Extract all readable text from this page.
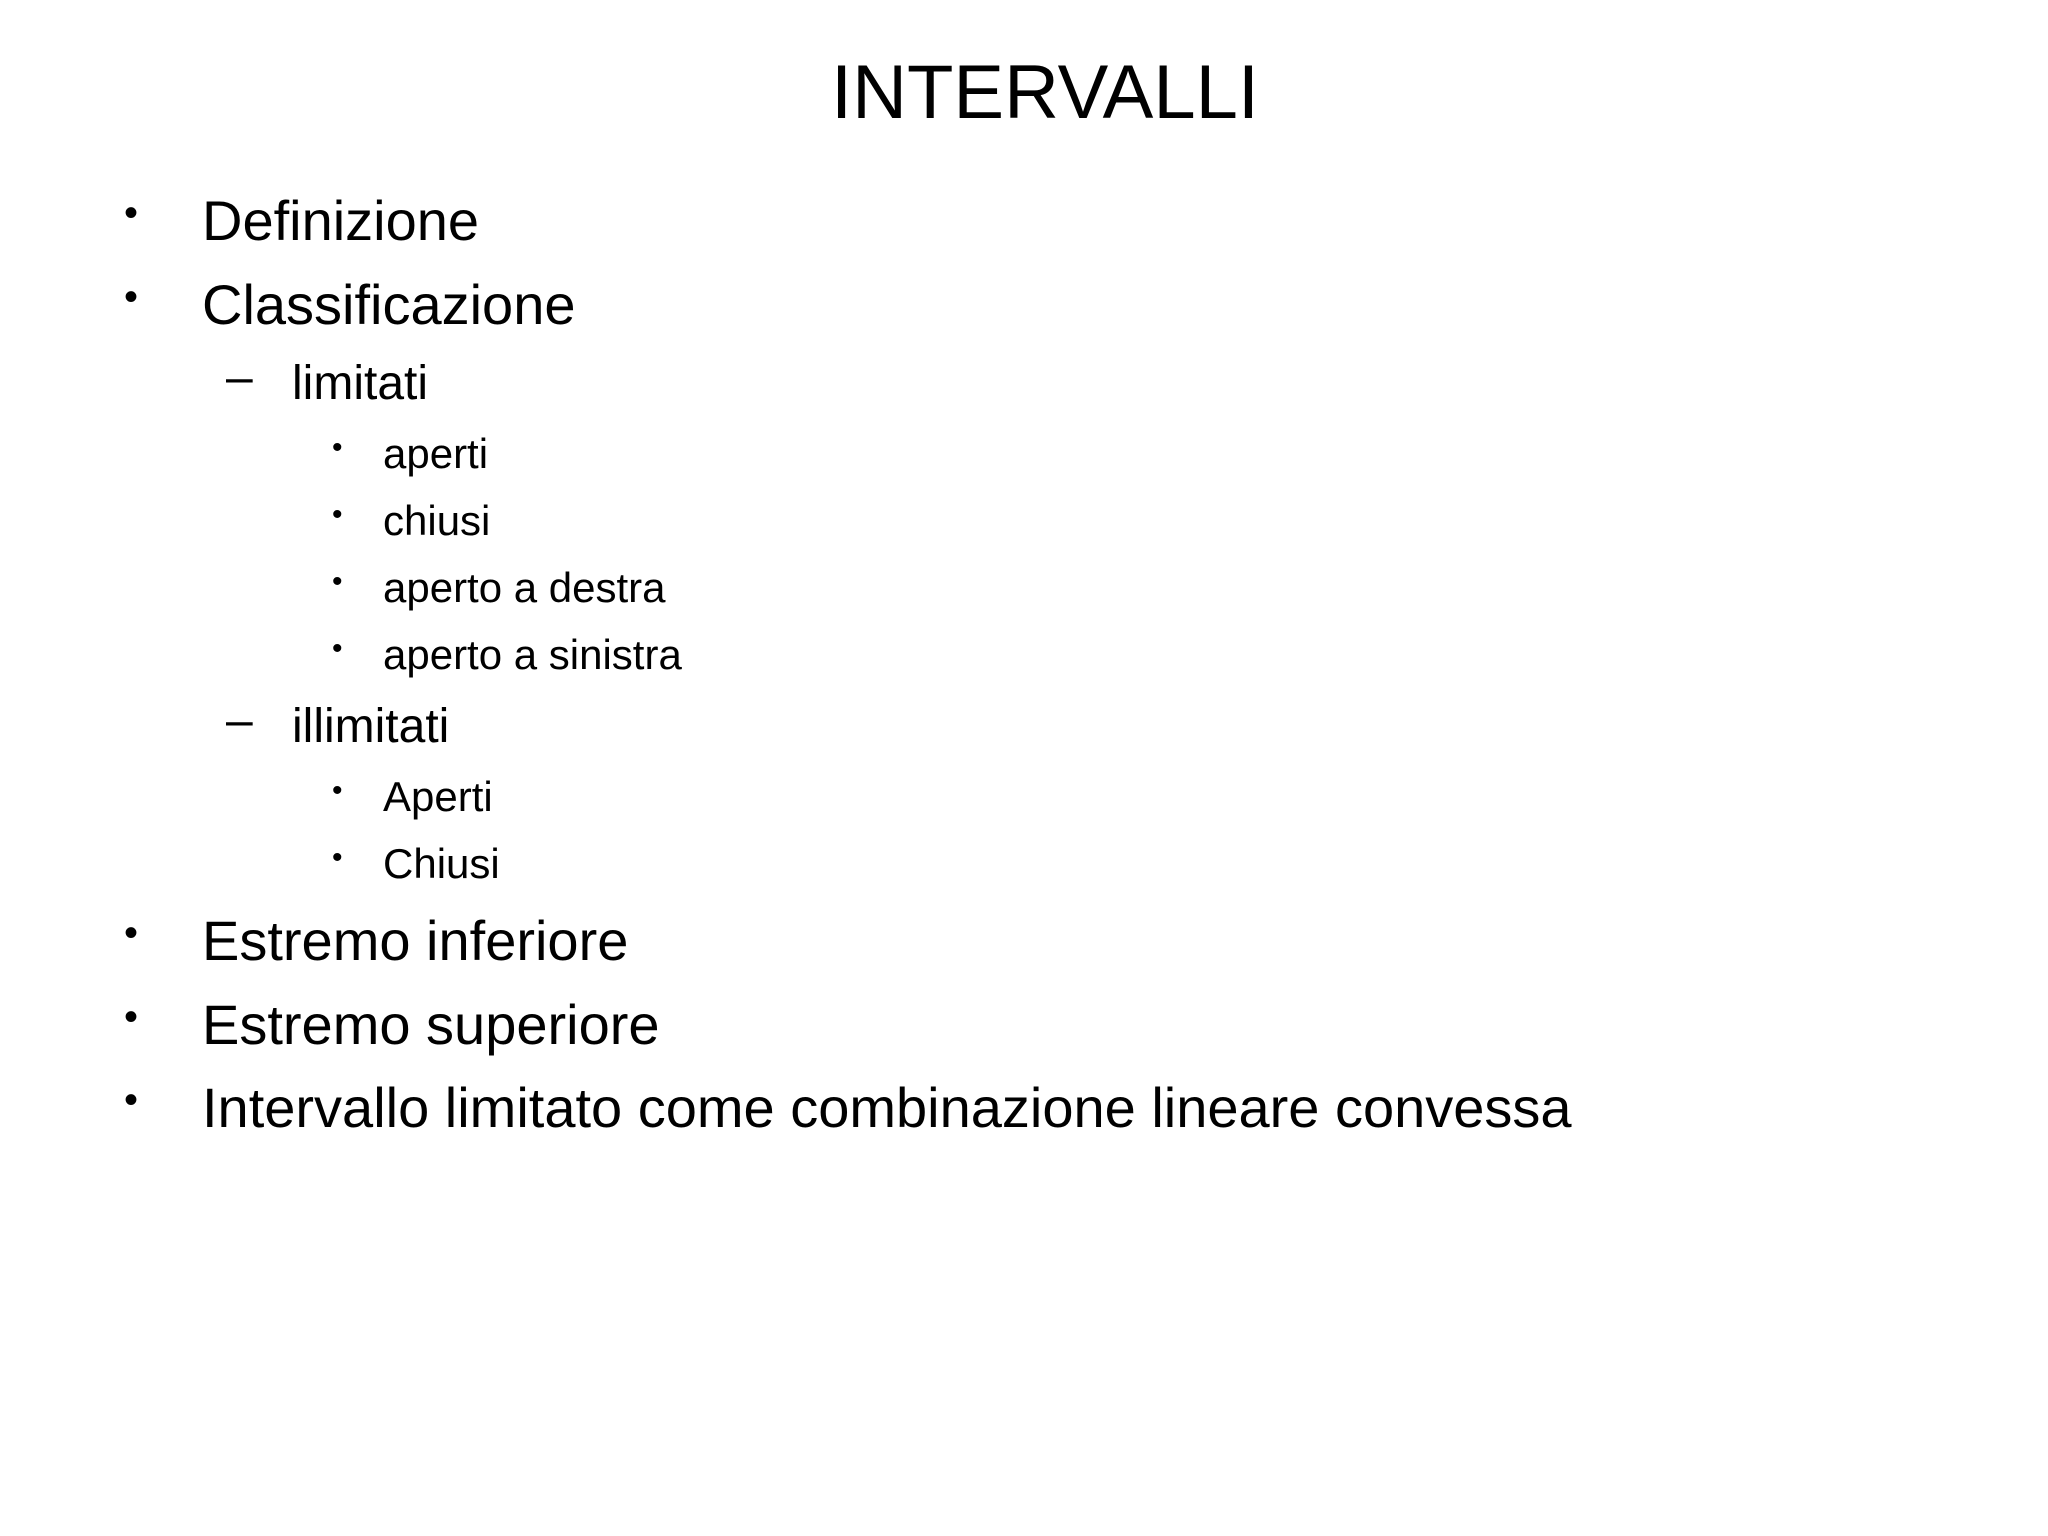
INTERVALLI
• Definizione
• Classificazione
– limitati
• aperti
• chiusi
• aperto a destra
• aperto a sinistra
– illimitati
• Aperti
• Chiusi
• Estremo inferiore
• Estremo superiore
• Intervallo limitato come combinazione lineare convessa
